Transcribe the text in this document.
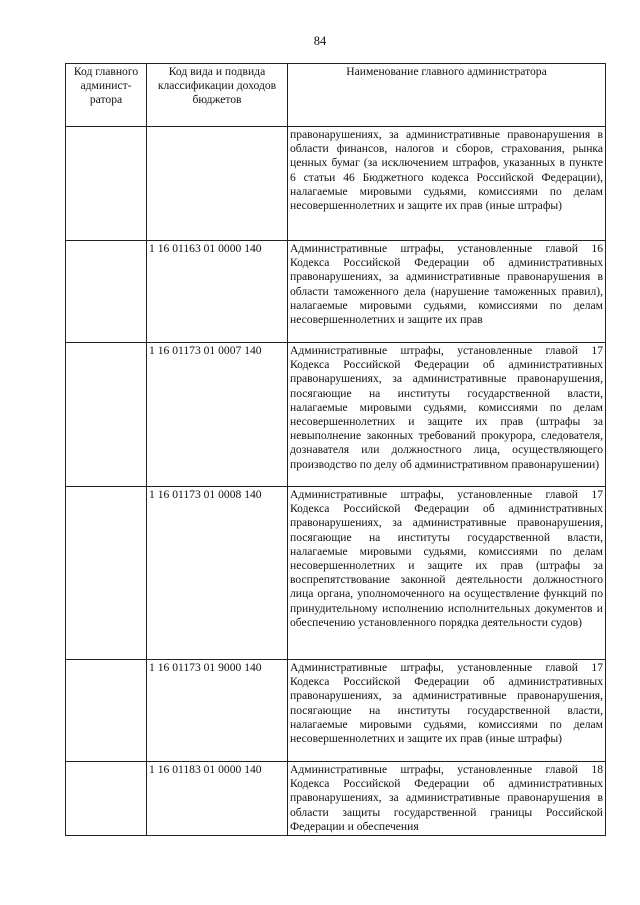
84
Код главного админист-ратора	Код вида и подвида классификации доходов бюджетов	Наименование главного администратора
		правонарушениях, за административные правонарушения в области финансов, налогов и сборов, страхования, рынка ценных бумаг (за исключением штрафов, указанных в пункте 6 статьи 46 Бюджетного кодекса Российской Федерации), налагаемые мировыми судьями, комиссиями по делам несовершеннолетних и защите их прав (иные штрафы)
	1 16 01163 01 0000 140	Административные штрафы, установленные главой 16 Кодекса Российской Федерации об административных правонарушениях, за административные правонарушения в области таможенного дела (нарушение таможенных правил), налагаемые мировыми судьями, комиссиями по делам несовершеннолетних и защите их прав
	1 16 01173 01 0007 140	Административные штрафы, установленные главой 17 Кодекса Российской Федерации об административных правонарушениях, за административные правонарушения, посягающие на институты государственной власти, налагаемые мировыми судьями, комиссиями по делам несовершеннолетних и защите их прав (штрафы за невыполнение законных требований прокурора, следователя, дознавателя или должностного лица, осуществляющего производство по делу об административном правонарушении)
	1 16 01173 01 0008 140	Административные штрафы, установленные главой 17 Кодекса Российской Федерации об административных правонарушениях, за административные правонарушения, посягающие на институты государственной власти, налагаемые мировыми судьями, комиссиями по делам несовершеннолетних и защите их прав (штрафы за воспрепятствование законной деятельности должностного лица органа, уполномоченного на осуществление функций по принудительному исполнению исполнительных документов и обеспечению установленного порядка деятельности судов)
	1 16 01173 01 9000 140	Административные штрафы, установленные главой 17 Кодекса Российской Федерации об административных правонарушениях, за административные правонарушения, посягающие на институты государственной власти, налагаемые мировыми судьями, комиссиями по делам несовершеннолетних и защите их прав (иные штрафы)
	1 16 01183 01 0000 140	Административные штрафы, установленные главой 18 Кодекса Российской Федерации об административных правонарушениях, за административные правонарушения в области защиты государственной границы Российской Федерации и обеспечения
